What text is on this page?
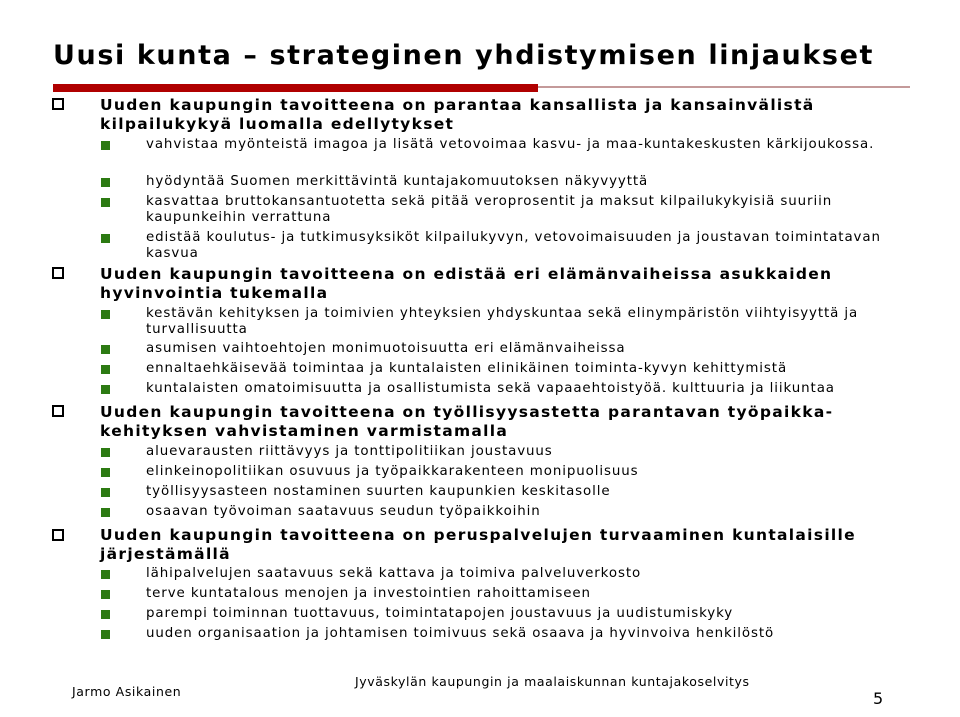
Uusi kunta – strateginen yhdistymisen linjaukset
Uuden kaupungin tavoitteena on parantaa kansallista ja kansainvälistä kilpailukykyä luomalla edellytykset
vahvistaa myönteistä imagoa ja lisätä vetovoimaa kasvu- ja maa-kuntakeskusten kärkijoukossa.
hyödyntää Suomen merkittävintä kuntajakomuutoksen näkyvyyttä
kasvattaa bruttokansantuotetta sekä pitää veroprosentit ja maksut kilpailukykyisiä suuriin kaupunkeihin verrattuna
edistää koulutus- ja tutkimusyksiköt kilpailukyvyn, vetovoimaisuuden ja joustavan toimintatavan kasvua
Uuden kaupungin tavoitteena on edistää eri elämänvaiheissa asukkaiden hyvinvointia tukemalla
kestävän kehityksen ja toimivien yhteyksien yhdyskuntaa sekä elinympäristön viihtyisyyttä ja turvallisuutta
asumisen vaihtoehtojen monimuotoisuutta eri elämänvaiheissa
ennaltaehkäisevää toimintaa ja kuntalaisten elinikäinen toiminta-kyvyn kehittymistä
kuntalaisten omatoimisuutta ja osallistumista sekä vapaaehtoistyöä. kulttuuria ja liikuntaa
Uuden kaupungin tavoitteena on työllisyysastetta parantavan työpaikka-kehityksen vahvistaminen varmistamalla
aluevarausten riittävyys ja tonttipolitiikan joustavuus
elinkeinopolitiikan osuvuus ja työpaikkarakenteen monipuolisuus
työllisyysasteen nostaminen suurten kaupunkien keskitasolle
osaavan työvoiman saatavuus seudun työpaikkoihin
Uuden kaupungin tavoitteena on peruspalvelujen turvaaminen kuntalaisille järjestämällä
lähipalvelujen saatavuus sekä kattava ja toimiva palveluverkosto
terve kuntatalous menojen ja investointien rahoittamiseen
parempi toiminnan tuottavuus, toimintatapojen joustavuus ja uudistumiskyky
uuden organisaation ja johtamisen toimivuus sekä osaava ja hyvinvoiva henkilöstö
Jarmo Asikainen
Jyväskylän kaupungin ja maalaiskunnan kuntajakoselvitys
5
